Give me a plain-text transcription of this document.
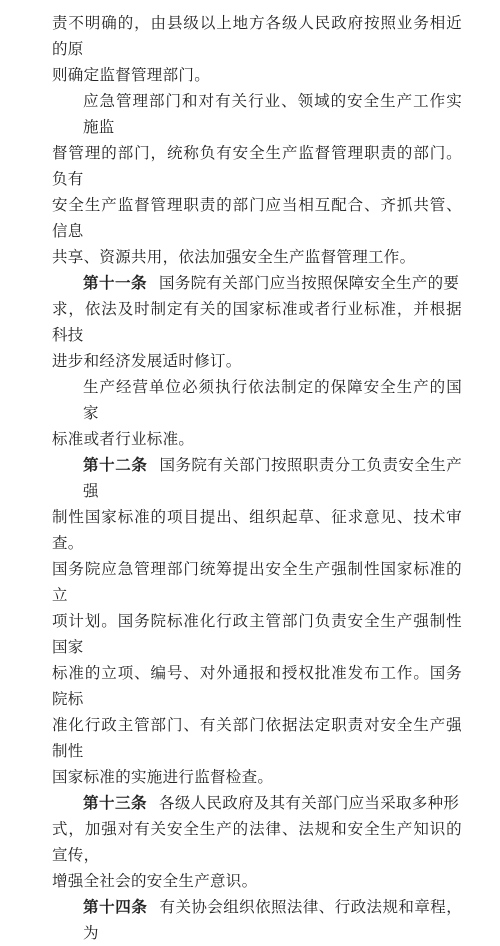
责不明确的，由县级以上地方各级人民政府按照业务相近的原
则确定监督管理部门。

应急管理部门和对有关行业、领域的安全生产工作实施监
督管理的部门，统称负有安全生产监督管理职责的部门。负有
安全生产监督管理职责的部门应当相互配合、齐抓共管、信息
共享、资源共用，依法加强安全生产监督管理工作。

第十一条 国务院有关部门应当按照保障安全生产的要
求，依法及时制定有关的国家标准或者行业标准，并根据科技
进步和经济发展适时修订。

生产经营单位必须执行依法制定的保障安全生产的国家
标准或者行业标准。

第十二条 国务院有关部门按照职责分工负责安全生产强
制性国家标准的项目提出、组织起草、征求意见、技术审查。
国务院应急管理部门统筹提出安全生产强制性国家标准的立
项计划。国务院标准化行政主管部门负责安全生产强制性国家
标准的立项、编号、对外通报和授权批准发布工作。国务院标
准化行政主管部门、有关部门依据法定职责对安全生产强制性
国家标准的实施进行监督检查。

第十三条 各级人民政府及其有关部门应当采取多种形
式，加强对有关安全生产的法律、法规和安全生产知识的宣传，
增强全社会的安全生产意识。

第十四条 有关协会组织依照法律、行政法规和章程，为
